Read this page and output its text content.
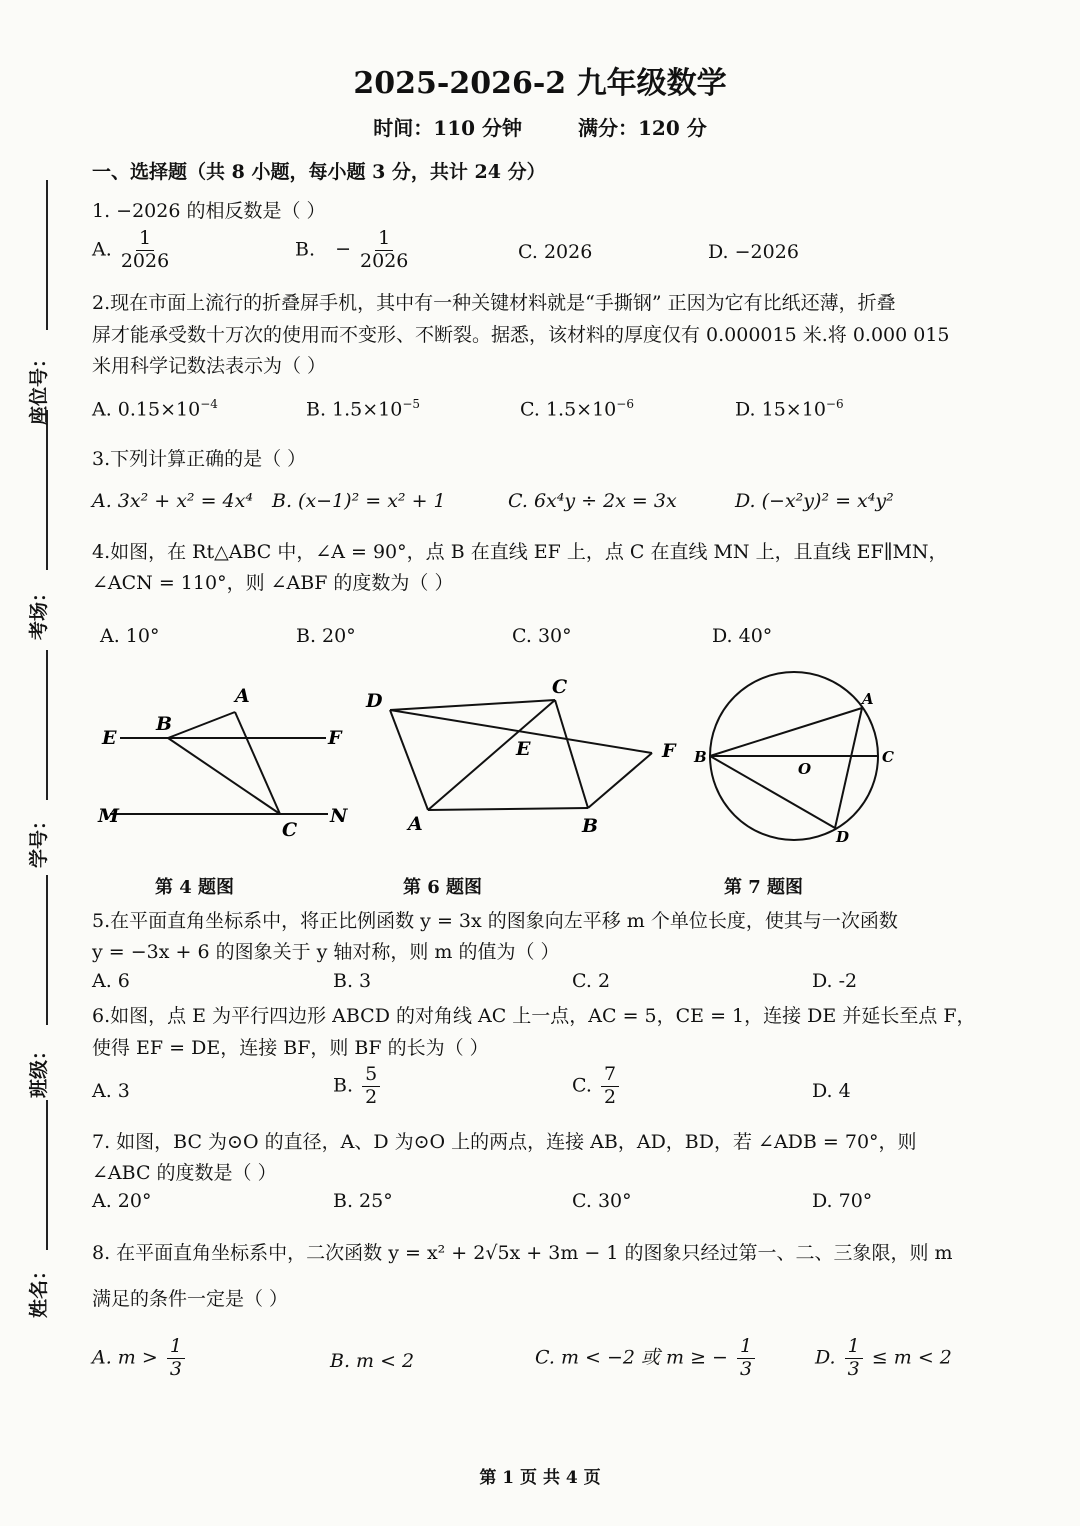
座位号：
考场：
学号：
班级：
姓名：
2025-2026-2 九年级数学
时间：110 分钟	满分：120 分
一、选择题（共 8 小题，每小题 3 分，共计 24 分）
1. −2026 的相反数是（ ）
A. $\frac{1}{2026}$	B. − $\frac{1}{2026}$	C. 2026	D. −2026
2.现在市面上流行的折叠屏手机，其中有一种关键材料就是“手撕钢” 正因为它有比纸还薄，折叠
屏才能承受数十万次的使用而不变形、不断裂。据悉，该材料的厚度仅有 0.000015 米.将 0.000 015
米用科学记数法表示为（ ）
A. $0.15\times 10^{-4}$	B. $1.5\times 10^{-5}$	C. $1.5\times 10^{-6}$	D. $15\times 10^{-6}$
3.下列计算正确的是（ ）
A. 3x² + x² = 4x⁴ B. (x−1)² = x² + 1	C. 6x⁴y ÷ 2x = 3x	D. (−x²y)² = x⁴y²
4.如图，在 Rt△ABC 中，∠A = 90°，点 B 在直线 EF 上，点 C 在直线 MN 上，且直线 EF∥MN，
∠ACN = 110°，则 ∠ABF 的度数为（ ）
A. 10°	B. 20°	C. 30°	D. 40°
A
B
E	F
M	N
C
D
C
E	F
A	B
A
B	C
O
D
第 4 题图	第 6 题图	第 7 题图
5.在平面直角坐标系中，将正比例函数 y = 3x 的图象向左平移 m 个单位长度，使其与一次函数
y = −3x + 6 的图象关于 y 轴对称，则 m 的值为（ ）
A. 6	B. 3	C. 2	D. -2
6.如图，点 E 为平行四边形 ABCD 的对角线 AC 上一点，AC = 5，CE = 1，连接 DE 并延长至点 F，
使得 EF = DE，连接 BF，则 BF 的长为（ ）
A. 3	B. $\frac{5}{2}$	C. $\frac{7}{2}$	D. 4
7. 如图，BC 为⊙O 的直径，A、D 为⊙O 上的两点，连接 AB，AD，BD，若 ∠ADB = 70°，则
∠ABC 的度数是（ ）
A. 20°	B. 25°	C. 30°	D. 70°
8. 在平面直角坐标系中，二次函数 y = x² + 2√5x + 3m − 1 的图象只经过第一、二、三象限，则 m
满足的条件一定是（ ）
A. $m > \frac{1}{3}$	B. m < 2	C. m < −2 或 m ≥ − $\frac{1}{3}$	D. $\frac{1}{3} \le m < 2$
第 1 页 共 4 页
